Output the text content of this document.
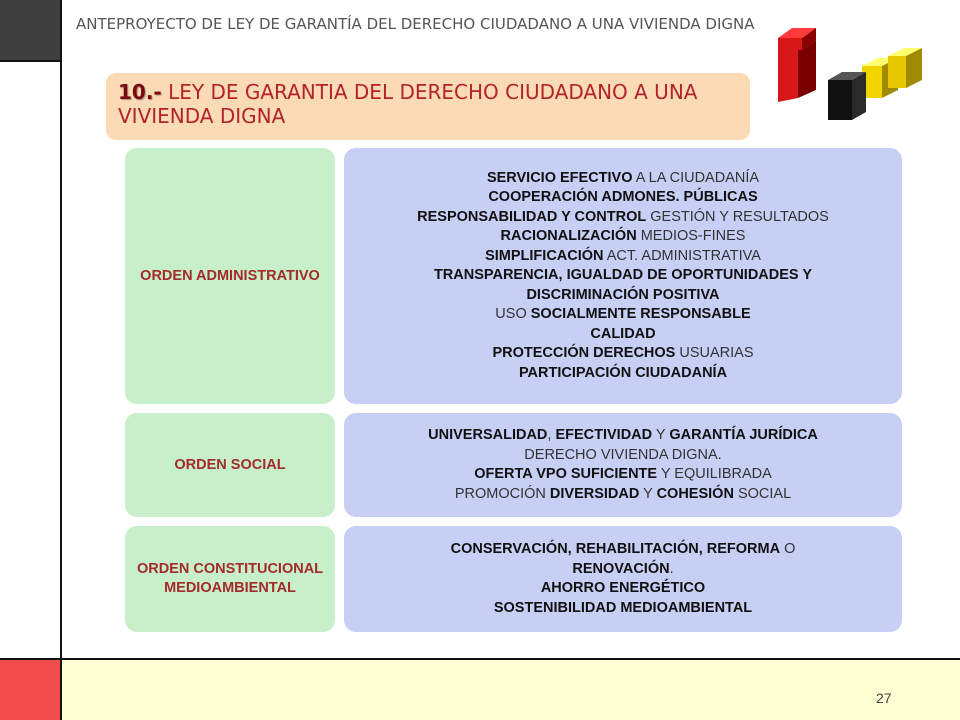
ANTEPROYECTO DE LEY DE GARANTÍA DEL DERECHO CIUDADANO A UNA VIVIENDA DIGNA
10.- LEY DE GARANTIA DEL DERECHO CIUDADANO A UNA VIVIENDA DIGNA
ORDEN ADMINISTRATIVO
SERVICIO EFECTIVO A LA CIUDADANÍA
COOPERACIÓN ADMONES. PÚBLICAS
RESPONSABILIDAD Y CONTROL GESTIÓN Y RESULTADOS
RACIONALIZACIÓN MEDIOS-FINES
SIMPLIFICACIÓN ACT. ADMINISTRATIVA
TRANSPARENCIA, IGUALDAD DE OPORTUNIDADES Y
DISCRIMINACIÓN POSITIVA
USO SOCIALMENTE RESPONSABLE
CALIDAD
PROTECCIÓN DERECHOS USUARIAS
PARTICIPACIÓN CIUDADANÍA
ORDEN SOCIAL
UNIVERSALIDAD, EFECTIVIDAD Y GARANTÍA JURÍDICA
DERECHO VIVIENDA DIGNA.
OFERTA VPO SUFICIENTE Y EQUILIBRADA
PROMOCIÓN DIVERSIDAD Y COHESIÓN SOCIAL
ORDEN CONSTITUCIONAL MEDIOAMBIENTAL
CONSERVACIÓN, REHABILITACIÓN, REFORMA O
RENOVACIÓN.
AHORRO ENERGÉTICO
SOSTENIBILIDAD MEDIOAMBIENTAL
27
